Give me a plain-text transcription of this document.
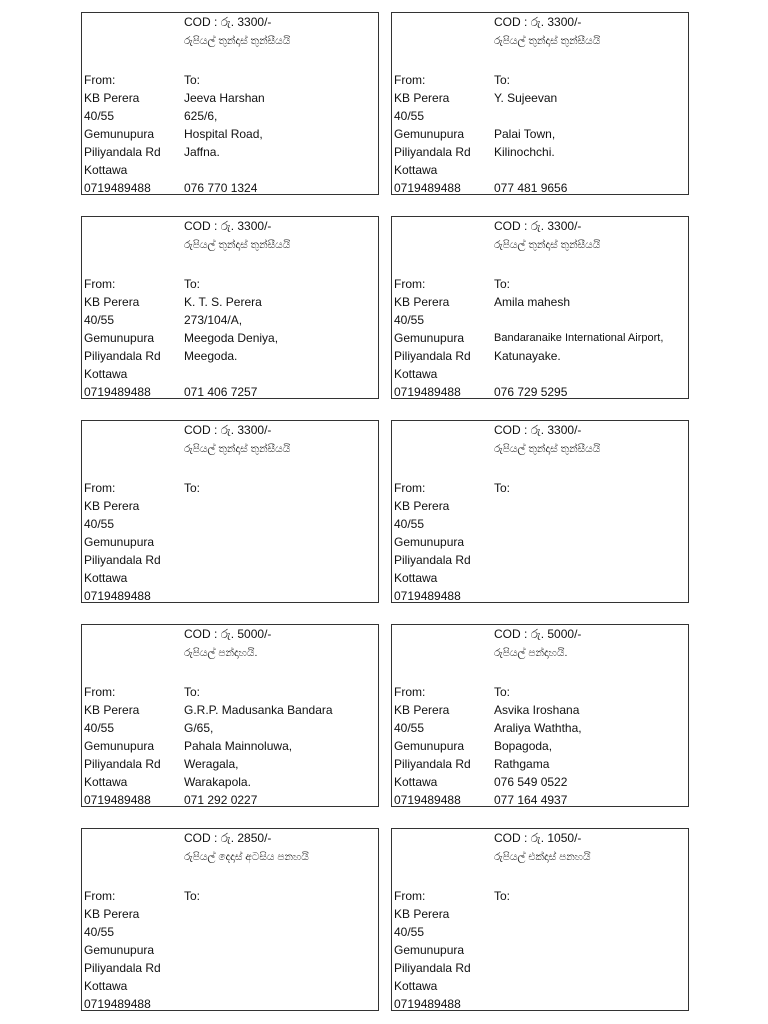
COD : රු. 3300/-
රුපියල් තුන්දාස් තුන්සීයයි
From:	To:
KB Perera
40/55
Gemunupura
Piliyandala Rd
Kottawa
0719489488
Jeeva Harshan
625/6,
Hospital Road,
Jaffna.
076 770 1324
COD : රු. 3300/-
රුපියල් තුන්දාස් තුන්සීයයි
From:	To:
KB Perera
40/55
Gemunupura
Piliyandala Rd
Kottawa
0719489488
Y. Sujeevan
Palai Town,
Kilinochchi.
077 481 9656
COD : රු. 3300/-
රුපියල් තුන්දාස් තුන්සීයයි
From:	To:
KB Perera
40/55
Gemunupura
Piliyandala Rd
Kottawa
0719489488
K. T. S. Perera
273/104/A,
Meegoda Deniya,
Meegoda.
071 406 7257
COD : රු. 3300/-
රුපියල් තුන්දාස් තුන්සීයයි
From:	To:
KB Perera
40/55
Gemunupura
Piliyandala Rd
Kottawa
0719489488
Amila mahesh
Bandaranaike International Airport,
Katunayake.
076 729 5295
COD : රු. 3300/-
රුපියල් තුන්දාස් තුන්සීයයි
From:	To:
KB Perera
40/55
Gemunupura
Piliyandala Rd
Kottawa
0719489488
COD : රු. 3300/-
රුපියල් තුන්දාස් තුන්සීයයි
From:	To:
KB Perera
40/55
Gemunupura
Piliyandala Rd
Kottawa
0719489488
COD : රු. 5000/-
රුපියල් පන්දාහයි.
From:	To:
KB Perera
40/55
Gemunupura
Piliyandala Rd
Kottawa
0719489488
G.R.P. Madusanka Bandara
G/65,
Pahala Mainnoluwa,
Weragala,
Warakapola.
071 292 0227
COD : රු. 5000/-
රුපියල් පන්දාහයි.
From:	To:
KB Perera
40/55
Gemunupura
Piliyandala Rd
Kottawa
0719489488
Asvika Iroshana
Araliya Waththa,
Bopagoda,
Rathgama
076 549 0522
077 164 4937
COD : රු. 2850/-
රුපියල් දෙදාස් අටසිය පනහයි
From:	To:
KB Perera
40/55
Gemunupura
Piliyandala Rd
Kottawa
0719489488
COD : රු. 1050/-
රුපියල් එක්දාස් පනහයි
From:	To:
KB Perera
40/55
Gemunupura
Piliyandala Rd
Kottawa
0719489488
